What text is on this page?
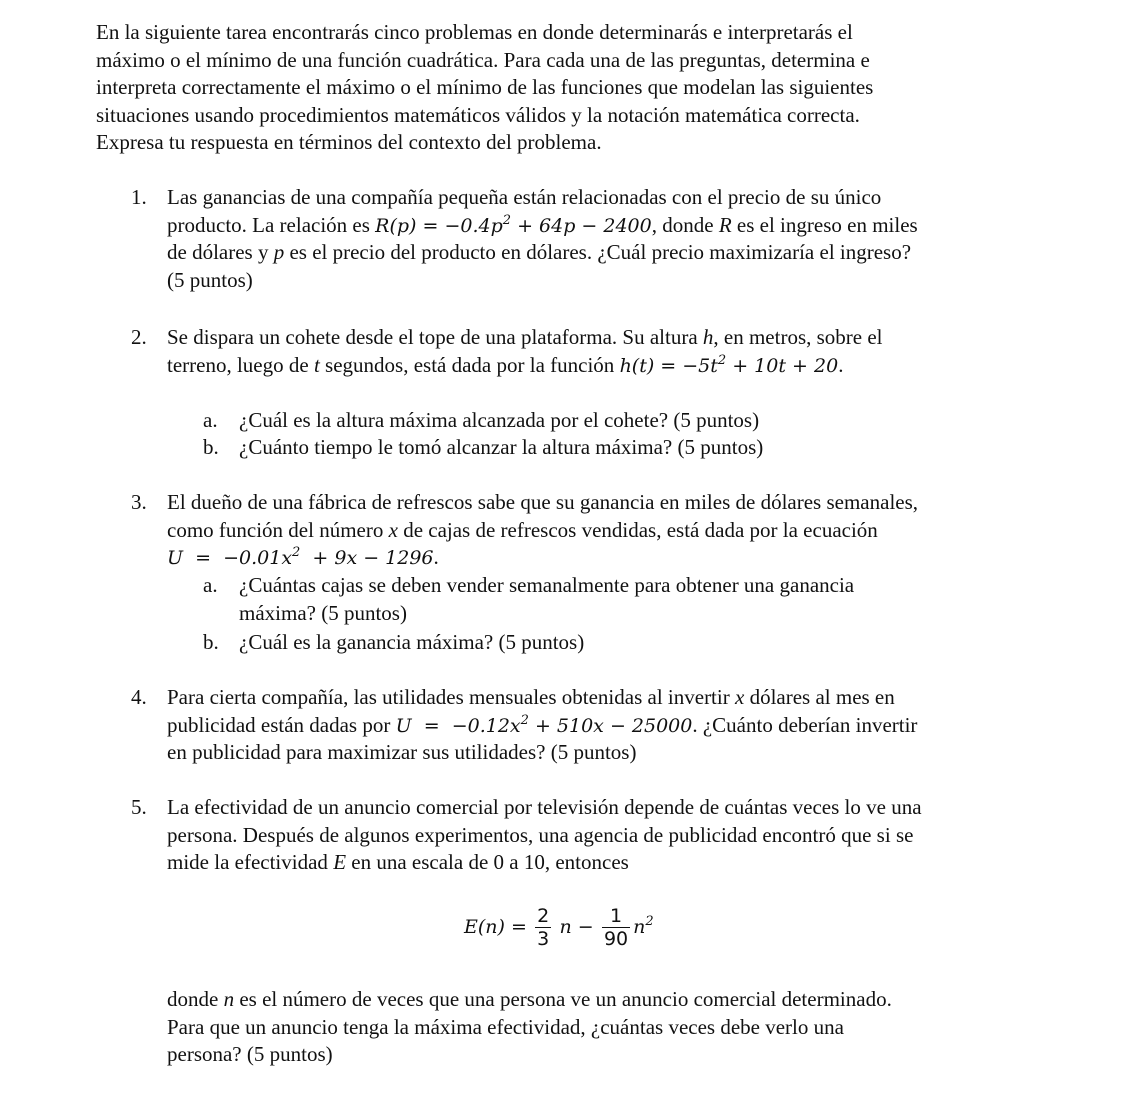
En la siguiente tarea encontrarás cinco problemas en donde determinarás e interpretarás el
máximo o el mínimo de una función cuadrática. Para cada una de las preguntas, determina e
interpreta correctamente el máximo o el mínimo de las funciones que modelan las siguientes
situaciones usando procedimientos matemáticos válidos y la notación matemática correcta.
Expresa tu respuesta en términos del contexto del problema.
1. Las ganancias de una compañía pequeña están relacionadas con el precio de su único
producto. La relación es $R(p) = -0.4p^2 + 64p - 2400$, donde R es el ingreso en miles
de dólares y p es el precio del producto en dólares. ¿Cuál precio maximizaría el ingreso?
(5 puntos)
2. Se dispara un cohete desde el tope de una plataforma. Su altura h, en metros, sobre el
terreno, luego de t segundos, está dada por la función $h(t) = -5t^2 + 10t + 20$.
a. ¿Cuál es la altura máxima alcanzada por el cohete? (5 puntos)
b. ¿Cuánto tiempo le tomó alcanzar la altura máxima? (5 puntos)
3. El dueño de una fábrica de refrescos sabe que su ganancia en miles de dólares semanales,
como función del número x de cajas de refrescos vendidas, está dada por la ecuación
$U = -0.01x^2 + 9x - 1296$.
a. ¿Cuántas cajas se deben vender semanalmente para obtener una ganancia
máxima? (5 puntos)
b. ¿Cuál es la ganancia máxima? (5 puntos)
4. Para cierta compañía, las utilidades mensuales obtenidas al invertir x dólares al mes en
publicidad están dadas por $U = -0.12x^2 + 510x - 25000$. ¿Cuánto deberían invertir
en publicidad para maximizar sus utilidades? (5 puntos)
5. La efectividad de un anuncio comercial por televisión depende de cuántas veces lo ve una
persona. Después de algunos experimentos, una agencia de publicidad encontró que si se
mide la efectividad E en una escala de 0 a 10, entonces
$E(n) = \frac{2}{3}$ $n - \frac{1}{90} n^2$
donde n es el número de veces que una persona ve un anuncio comercial determinado.
Para que un anuncio tenga la máxima efectividad, ¿cuántas veces debe verlo una
persona? (5 puntos)
